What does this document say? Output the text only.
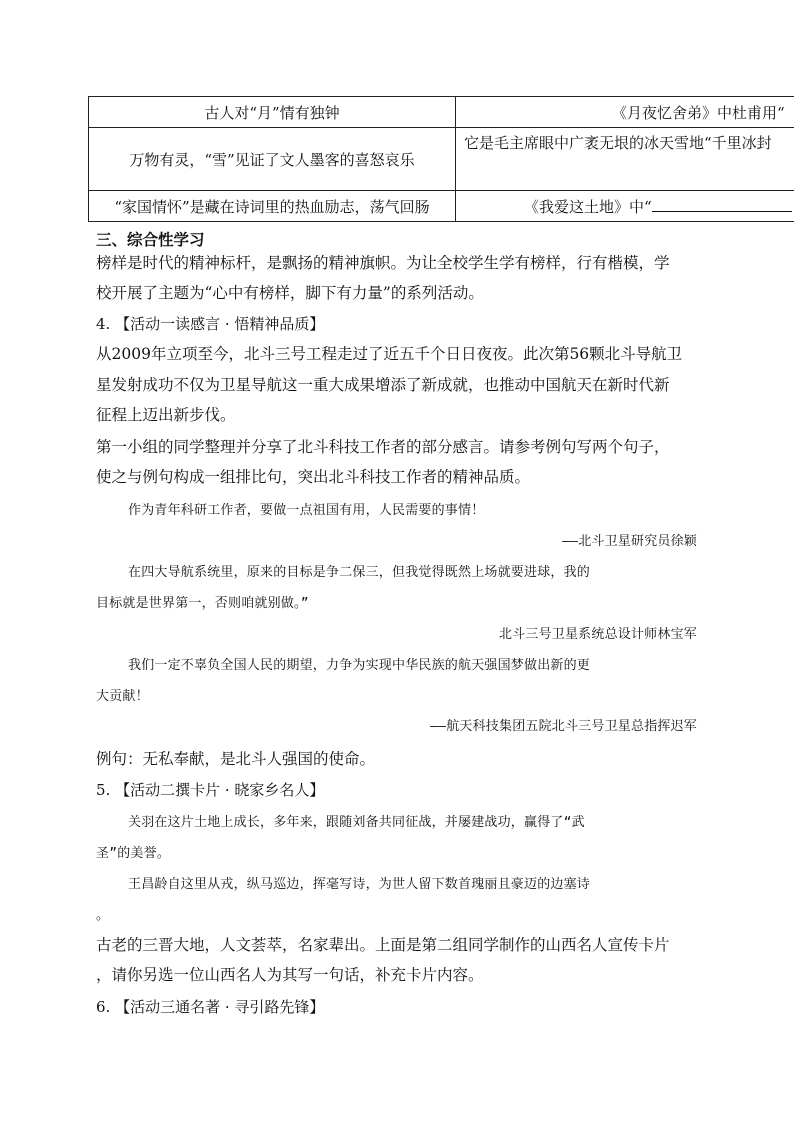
古人对“月”情有独钟	《月夜忆舍弟》中杜甫用“
万物有灵，“雪”见证了文人墨客的喜怒哀乐	它是毛主席眼中广袤无垠的冰天雪地“千里冰封
“家国情怀”是藏在诗词里的热血励志，荡气回肠	《我爱这土地》中“
三、综合性学习
榜样是时代的精神标杆，是飘扬的精神旗帜。为让全校学生学有榜样，行有楷模，学
校开展了主题为“心中有榜样，脚下有力量”的系列活动。
4. 【活动一读感言 · 悟精神品质】
从2009年立项至今，北斗三号工程走过了近五千个日日夜夜。此次第56颗北斗导航卫
星发射成功不仅为卫星导航这一重大成果增添了新成就，也推动中国航天在新时代新
征程上迈出新步伐。
第一小组的同学整理并分享了北斗科技工作者的部分感言。请参考例句写两个句子，
使之与例句构成一组排比句，突出北斗科技工作者的精神品质。
作为青年科研工作者，要做一点祖国有用，人民需要的事情！
——北斗卫星研究员徐颖
在四大导航系统里，原来的目标是争二保三，但我觉得既然上场就要进球，我的
目标就是世界第一，否则咱就别做。”
北斗三号卫星系统总设计师林宝军
我们一定不辜负全国人民的期望，力争为实现中华民族的航天强国梦做出新的更
大贡献！
——航天科技集团五院北斗三号卫星总指挥迟军
例句：无私奉献，是北斗人强国的使命。
5. 【活动二撰卡片 · 晓家乡名人】
关羽在这片土地上成长，多年来，跟随刘备共同征战，并屡建战功，赢得了“武
圣”的美誉。
王昌龄自这里从戎，纵马巡边，挥毫写诗，为世人留下数首瑰丽且豪迈的边塞诗
。
古老的三晋大地，人文荟萃，名家辈出。上面是第二组同学制作的山西名人宣传卡片
，请你另选一位山西名人为其写一句话，补充卡片内容。
6. 【活动三通名著 · 寻引路先锋】
